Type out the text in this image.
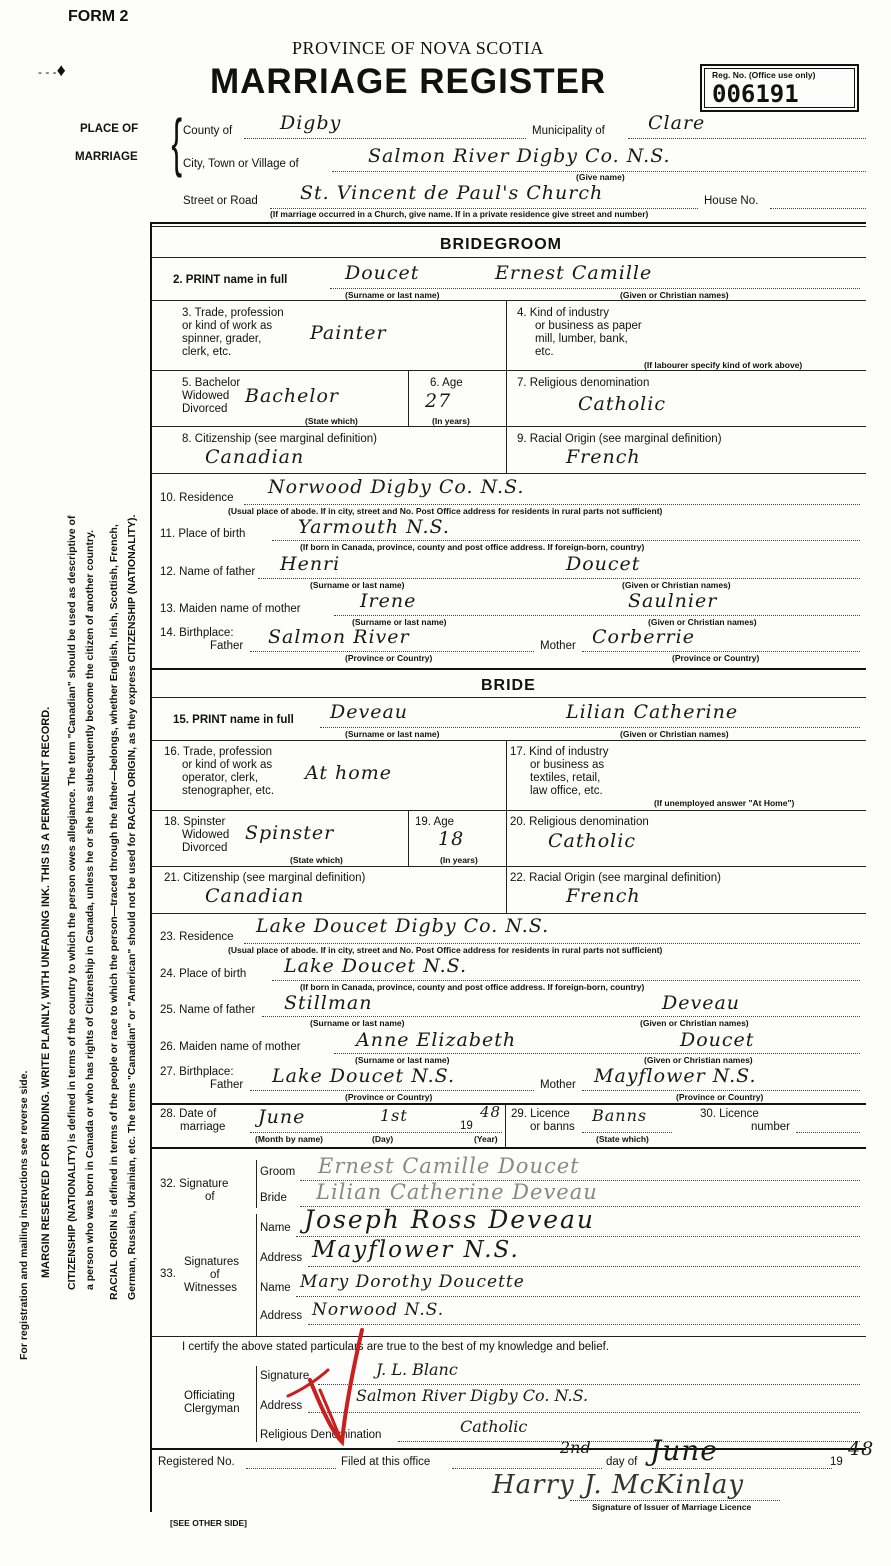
FORM 2
- - -♦
PROVINCE OF NOVA SCOTIA
MARRIAGE REGISTER	Reg. No. (Office use only)
006191
PLACE OF
MARRIAGE { County of	Digby	Municipality of Clare
City, Town or Village of	Salmon River Digby Co. N.S.
(Give name)
Street or Road St. Vincent de Paul's Church	House No.
(If marriage occurred in a Church, give name. If in a private residence give street and number)
BRIDEGROOM
2. PRINT name in full	Doucet	Ernest Camille
(Surname or last name)	(Given or Christian names)
3. Trade, profession
or kind of work as
spinner, grader,
clerk, etc.
Painter
4. Kind of industry
or business as paper
mill, lumber, bank,
etc.
(If labourer specify kind of work above)
5. Bachelor
Widowed
Divorced
Bachelor
(State which)
6. Age
27
(In years)
7. Religious denomination
Catholic
8. Citizenship (see marginal definition)
Canadian
9. Racial Origin (see marginal definition)
French
10. Residence Norwood Digby Co. N.S.
(Usual place of abode. If in city, street and No. Post Office address for residents in rural parts not sufficient)
11. Place of birth	Yarmouth N.S.
(If born in Canada, province, county and post office address. If foreign-born, country)
12. Name of father Henri	Doucet
(Surname or last name)	(Given or Christian names)
13. Maiden name of mother	Irene	Saulnier
(Surname or last name)	(Given or Christian names)
14. Birthplace:
Father Salmon River	Mother Corberrie
(Province or Country)	(Province or Country)
BRIDE
15. PRINT name in full Deveau	Lilian Catherine
(Surname or last name)	(Given or Christian names)
16. Trade, profession
or kind of work as
operator, clerk,
stenographer, etc.
At home
17. Kind of industry
or business as
textiles, retail,
law office, etc.
(If unemployed answer "At Home")
18. Spinster
Widowed
Divorced
Spinster
(State which)
19. Age
18
(In years)
20. Religious denomination
Catholic
21. Citizenship (see marginal definition)
Canadian
22. Racial Origin (see marginal definition)
French
23. Residence Lake Doucet Digby Co. N.S.
(Usual place of abode. If in city, street and No. Post Office address for residents in rural parts not sufficient)
24. Place of birth Lake Doucet N.S.
(If born in Canada, province, county and post office address. If foreign-born, country)
25. Name of father Stillman	Deveau
(Surname or last name)	(Given or Christian names)
26. Maiden name of mother	Anne Elizabeth	Doucet
(Surname or last name)	(Given or Christian names)
27. Birthplace:
Father Lake Doucet N.S.	Mother Mayflower N.S.
(Province or Country)	(Province or Country)
28. Date of
marriage June	1st
19
48
(Month by name)	(Day)	(Year)
29. Licence
or banns
Banns
(State which)
30. Licence
number
32. Signature
of
Groom Ernest Camille Doucet
Bride Lilian Catherine Deveau
33.
Signatures
of
Witnesses
Name Joseph Ross Deveau
Address Mayflower N.S.
Name Mary Dorothy Doucette
Address Norwood N.S.
I certify the above stated particulars are true to the best of my knowledge and belief.
Officiating
Clergyman
Signature	J. L. Blanc
Address
Salmon River Digby Co. N.S.
Religious Denomination	Catholic
Registered No.	Filed at this office
2nd
day of June	19
48
Harry J. McKinlay
Signature of Issuer of Marriage Licence
[SEE OTHER SIDE]
For registration and mailing instructions see reverse side. MARGIN RESERVED FOR BINDING. WRITE PLAINLY, WITH UNFADING INK. THIS IS A PERMANENT RECORD. CITIZENSHIP (NATIONALITY) is defined in terms of the country to which the person owes allegiance. The term "Canadian" should be used as descriptive of a person who was born in Canada or who has rights of Citizenship in Canada, unless he or she has subsequently become the citizen of another country. RACIAL ORIGIN is defined in terms of the people or race to which the person—traced through the father—belongs, whether English, Irish, Scottish, French, German, Russian, Ukrainian, etc. The terms "Canadian" or "American" should not be used for RACIAL ORIGIN, as they express CITIZENSHIP (NATIONALITY).
